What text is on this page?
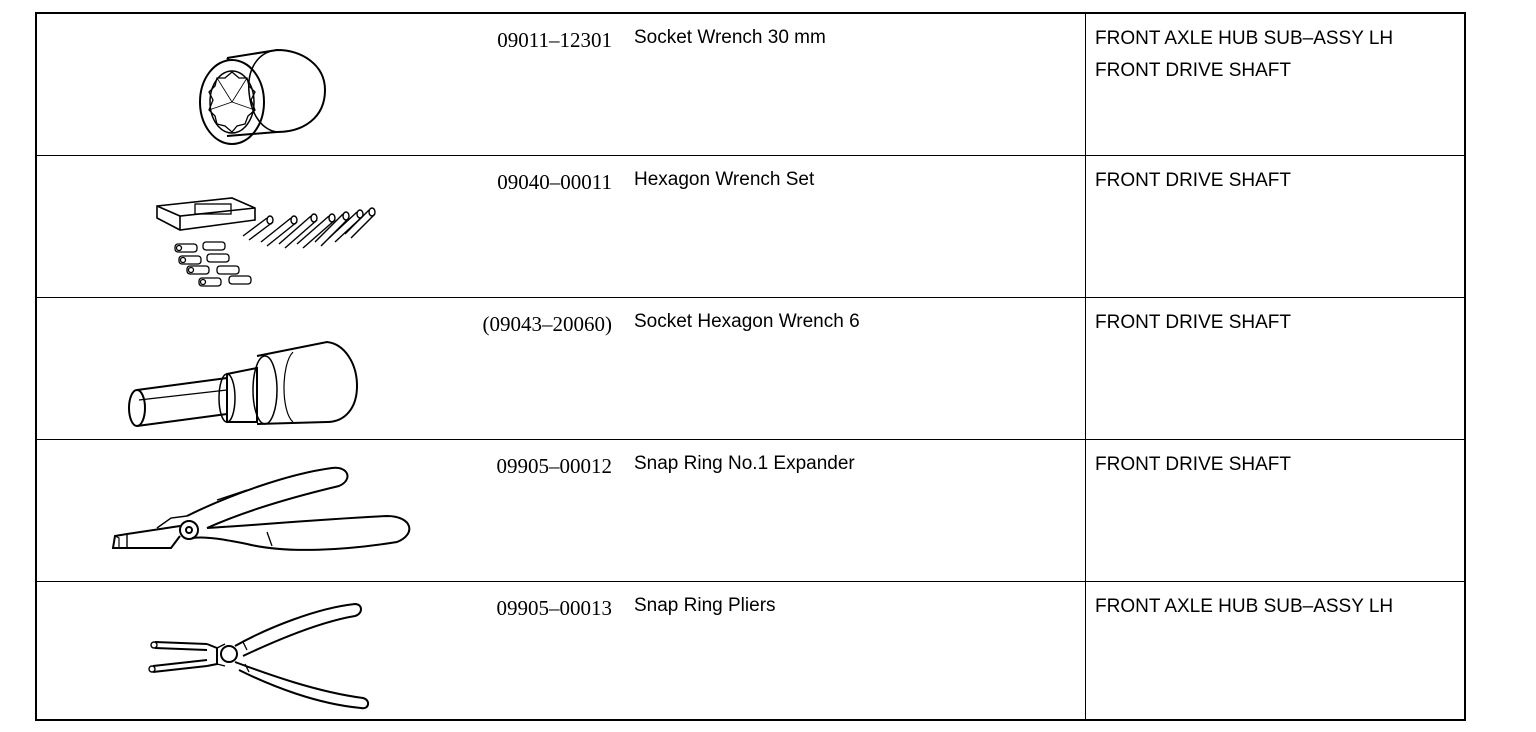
09011–12301 Socket Wrench 30 mm	FRONT AXLE HUB SUB–ASSY LH
FRONT DRIVE SHAFT
09040–00011 Hexagon Wrench Set	FRONT DRIVE SHAFT
(09043–20060) Socket Hexagon Wrench 6	FRONT DRIVE SHAFT
09905–00012 Snap Ring No.1 Expander	FRONT DRIVE SHAFT
09905–00013 Snap Ring Pliers	FRONT AXLE HUB SUB–ASSY LH
